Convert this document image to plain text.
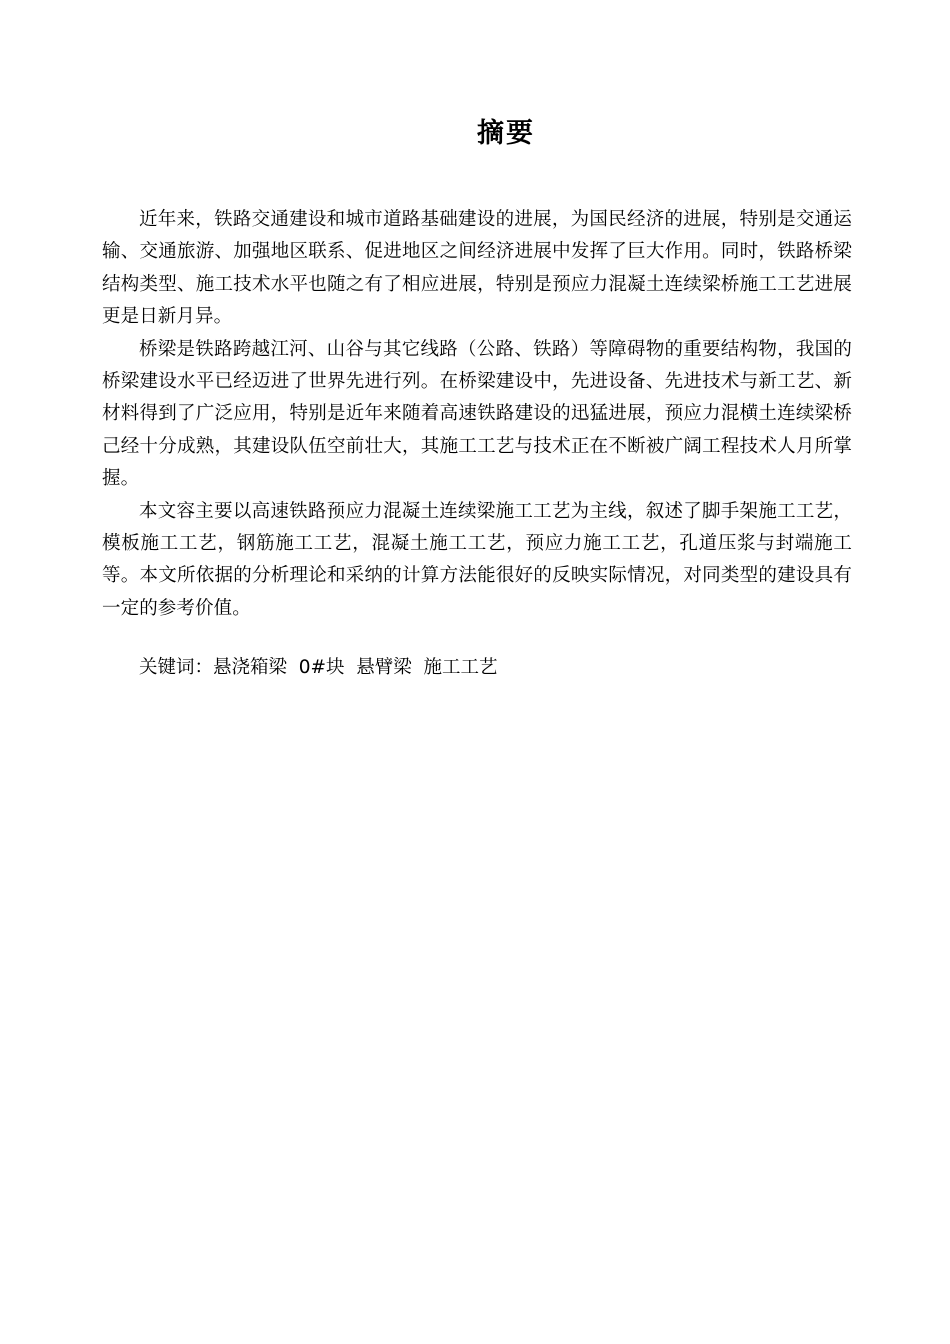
摘要

近年来，铁路交通建设和城市道路基础建设的进展，为国民经济的进展，特别是交通运输、交通旅游、加强地区联系、促进地区之间经济进展中发挥了巨大作用。同时，铁路桥梁结构类型、施工技术水平也随之有了相应进展，特别是预应力混凝土连续梁桥施工工艺进展更是日新月异。

桥梁是铁路跨越江河、山谷与其它线路（公路、铁路）等障碍物的重要结构物，我国的桥梁建设水平已经迈进了世界先进行列。在桥梁建设中，先进设备、先进技术与新工艺、新材料得到了广泛应用，特别是近年来随着高速铁路建设的迅猛进展，预应力混横土连续梁桥己经十分成熟，其建设队伍空前壮大，其施工工艺与技术正在不断被广阔工程技术人月所掌握。

本文容主要以高速铁路预应力混凝土连续梁施工工艺为主线，叙述了脚手架施工工艺，模板施工工艺，钢筋施工工艺，混凝土施工工艺，预应力施工工艺，孔道压浆与封端施工等。本文所依据的分析理论和采纳的计算方法能很好的反映实际情况，对同类型的建设具有一定的参考价值。

关键词：悬浇箱梁  0#块  悬臂梁  施工工艺
